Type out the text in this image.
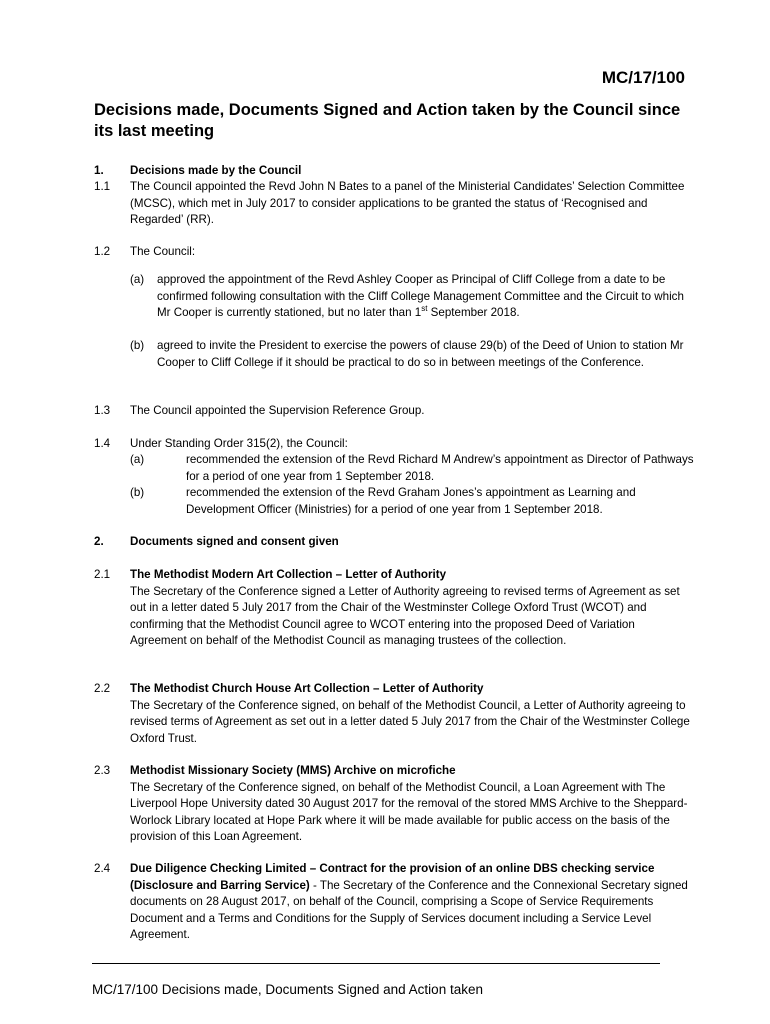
MC/17/100
Decisions made, Documents Signed and Action taken by the Council since its last meeting
1. Decisions made by the Council
1.1 The Council appointed the Revd John N Bates to a panel of the Ministerial Candidates’ Selection Committee (MCSC), which met in July 2017 to consider applications to be granted the status of ‘Recognised and Regarded’ (RR).
1.2 The Council:
(a) approved the appointment of the Revd Ashley Cooper as Principal of Cliff College from a date to be confirmed following consultation with the Cliff College Management Committee and the Circuit to which Mr Cooper is currently stationed, but no later than 1st September 2018.
(b) agreed to invite the President to exercise the powers of clause 29(b) of the Deed of Union to station Mr Cooper to Cliff College if it should be practical to do so in between meetings of the Conference.
1.3 The Council appointed the Supervision Reference Group.
1.4 Under Standing Order 315(2), the Council:
(a)	recommended the extension of the Revd Richard M Andrew’s appointment as Director of Pathways for a period of one year from 1 September 2018.
(b)	recommended the extension of the Revd Graham Jones’s appointment as Learning and Development Officer (Ministries) for a period of one year from 1 September 2018.
2. Documents signed and consent given
2.1 The Methodist Modern Art Collection – Letter of Authority
The Secretary of the Conference signed a Letter of Authority agreeing to revised terms of Agreement as set out in a letter dated 5 July 2017 from the Chair of the Westminster College Oxford Trust (WCOT) and confirming that the Methodist Council agree to WCOT entering into the proposed Deed of Variation Agreement on behalf of the Methodist Council as managing trustees of the collection.
2.2 The Methodist Church House Art Collection – Letter of Authority
The Secretary of the Conference signed, on behalf of the Methodist Council, a Letter of Authority agreeing to revised terms of Agreement as set out in a letter dated 5 July 2017 from the Chair of the Westminster College Oxford Trust.
2.3 Methodist Missionary Society (MMS) Archive on microfiche
The Secretary of the Conference signed, on behalf of the Methodist Council, a Loan Agreement with The Liverpool Hope University dated 30 August 2017 for the removal of the stored MMS Archive to the Sheppard-Worlock Library located at Hope Park where it will be made available for public access on the basis of the provision of this Loan Agreement.
2.4 Due Diligence Checking Limited – Contract for the provision of an online DBS checking service (Disclosure and Barring Service) - The Secretary of the Conference and the Connexional Secretary signed documents on 28 August 2017, on behalf of the Council, comprising a Scope of Service Requirements Document and a Terms and Conditions for the Supply of Services document including a Service Level Agreement.
MC/17/100 Decisions made, Documents Signed and Action taken
